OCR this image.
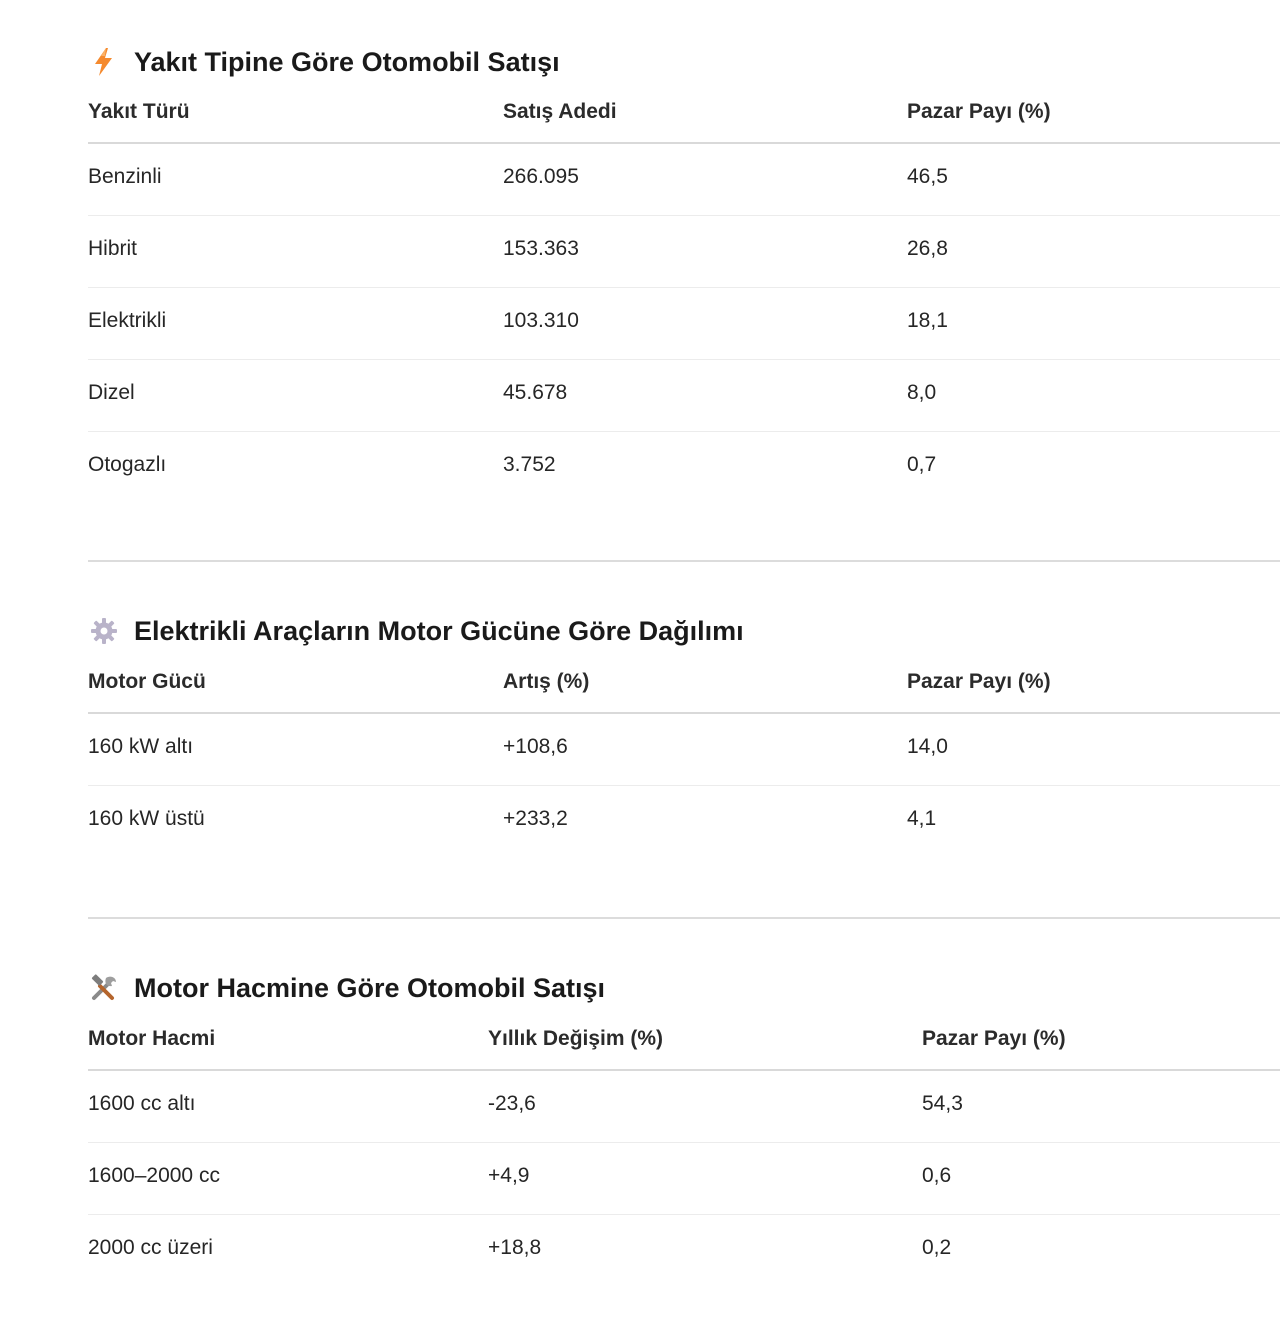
Yakıt Tipine Göre Otomobil Satışı
Yakıt Türü	Satış Adedi	Pazar Payı (%)
Benzinli	266.095	46,5
Hibrit	153.363	26,8
Elektrikli	103.310	18,1
Dizel	45.678	8,0
Otogazlı	3.752	0,7
Elektrikli Araçların Motor Gücüne Göre Dağılımı
Motor Gücü	Artış (%)	Pazar Payı (%)
160 kW altı	+108,6	14,0
160 kW üstü	+233,2	4,1
Motor Hacmine Göre Otomobil Satışı
Motor Hacmi	Yıllık Değişim (%)	Pazar Payı (%)
1600 cc altı	-23,6	54,3
1600–2000 cc	+4,9	0,6
2000 cc üzeri	+18,8	0,2
